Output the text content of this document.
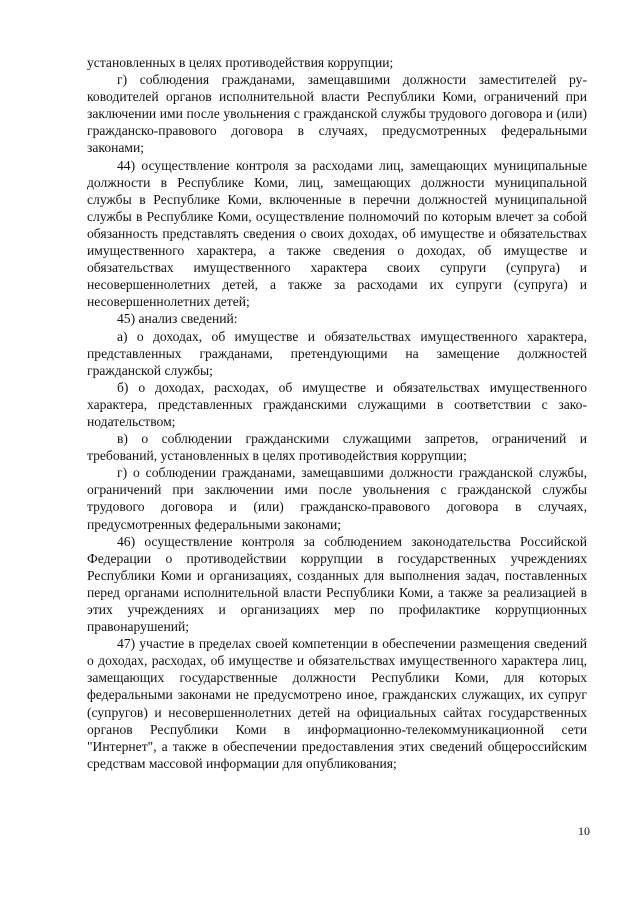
установленных в целях противодействия коррупции;

г) соблюдения гражданами, замещавшими должности заместителей руководителей органов исполнительной власти Республики Коми, ограничений при заключении ими после увольнения с гражданской службы трудового договора и (или) гражданско-правового договора в случаях, предусмотренных федеральными законами;

44) осуществление контроля за расходами лиц, замещающих муниципальные должности в Республике Коми, лиц, замещающих должности муниципальной службы в Республике Коми, включенные в перечни должностей муниципальной службы в Республике Коми, осуществление полномочий по которым влечет за собой обязанность представлять сведения о своих доходах, об имуществе и обязательствах имущественного характера, а также сведения о доходах, об имуществе и обязательствах имущественного характера своих супруги (супруга) и несовершеннолетних детей, а также за расходами их супруги (супруга) и несовершеннолетних детей;

45) анализ сведений:

а) о доходах, об имуществе и обязательствах имущественного характера, представленных гражданами, претендующими на замещение должностей гражданской службы;

б) о доходах, расходах, об имуществе и обязательствах имущественного характера, представленных гражданскими служащими в соответствии с законодательством;

в) о соблюдении гражданскими служащими запретов, ограничений и требований, установленных в целях противодействия коррупции;

г) о соблюдении гражданами, замещавшими должности гражданской службы, ограничений при заключении ими после увольнения с гражданской службы трудового договора и (или) гражданско-правового договора в случаях, предусмотренных федеральными законами;

46) осуществление контроля за соблюдением законодательства Российской Федерации о противодействии коррупции в государственных учреждениях Республики Коми и организациях, созданных для выполнения задач, поставленных перед органами исполнительной власти Республики Коми, а также за реализацией в этих учреждениях и организациях мер по профилактике коррупционных правонарушений;

47) участие в пределах своей компетенции в обеспечении размещения сведений о доходах, расходах, об имуществе и обязательствах имущественного характера лиц, замещающих государственные должности Республики Коми, для которых федеральными законами не предусмотрено иное, гражданских служащих, их супруг (супругов) и несовершеннолетних детей на официальных сайтах государственных органов Республики Коми в информационно-телекоммуникационной сети "Интернет", а также в обеспечении предоставления этих сведений общероссийским средствам массовой информации для опубликования;

10
